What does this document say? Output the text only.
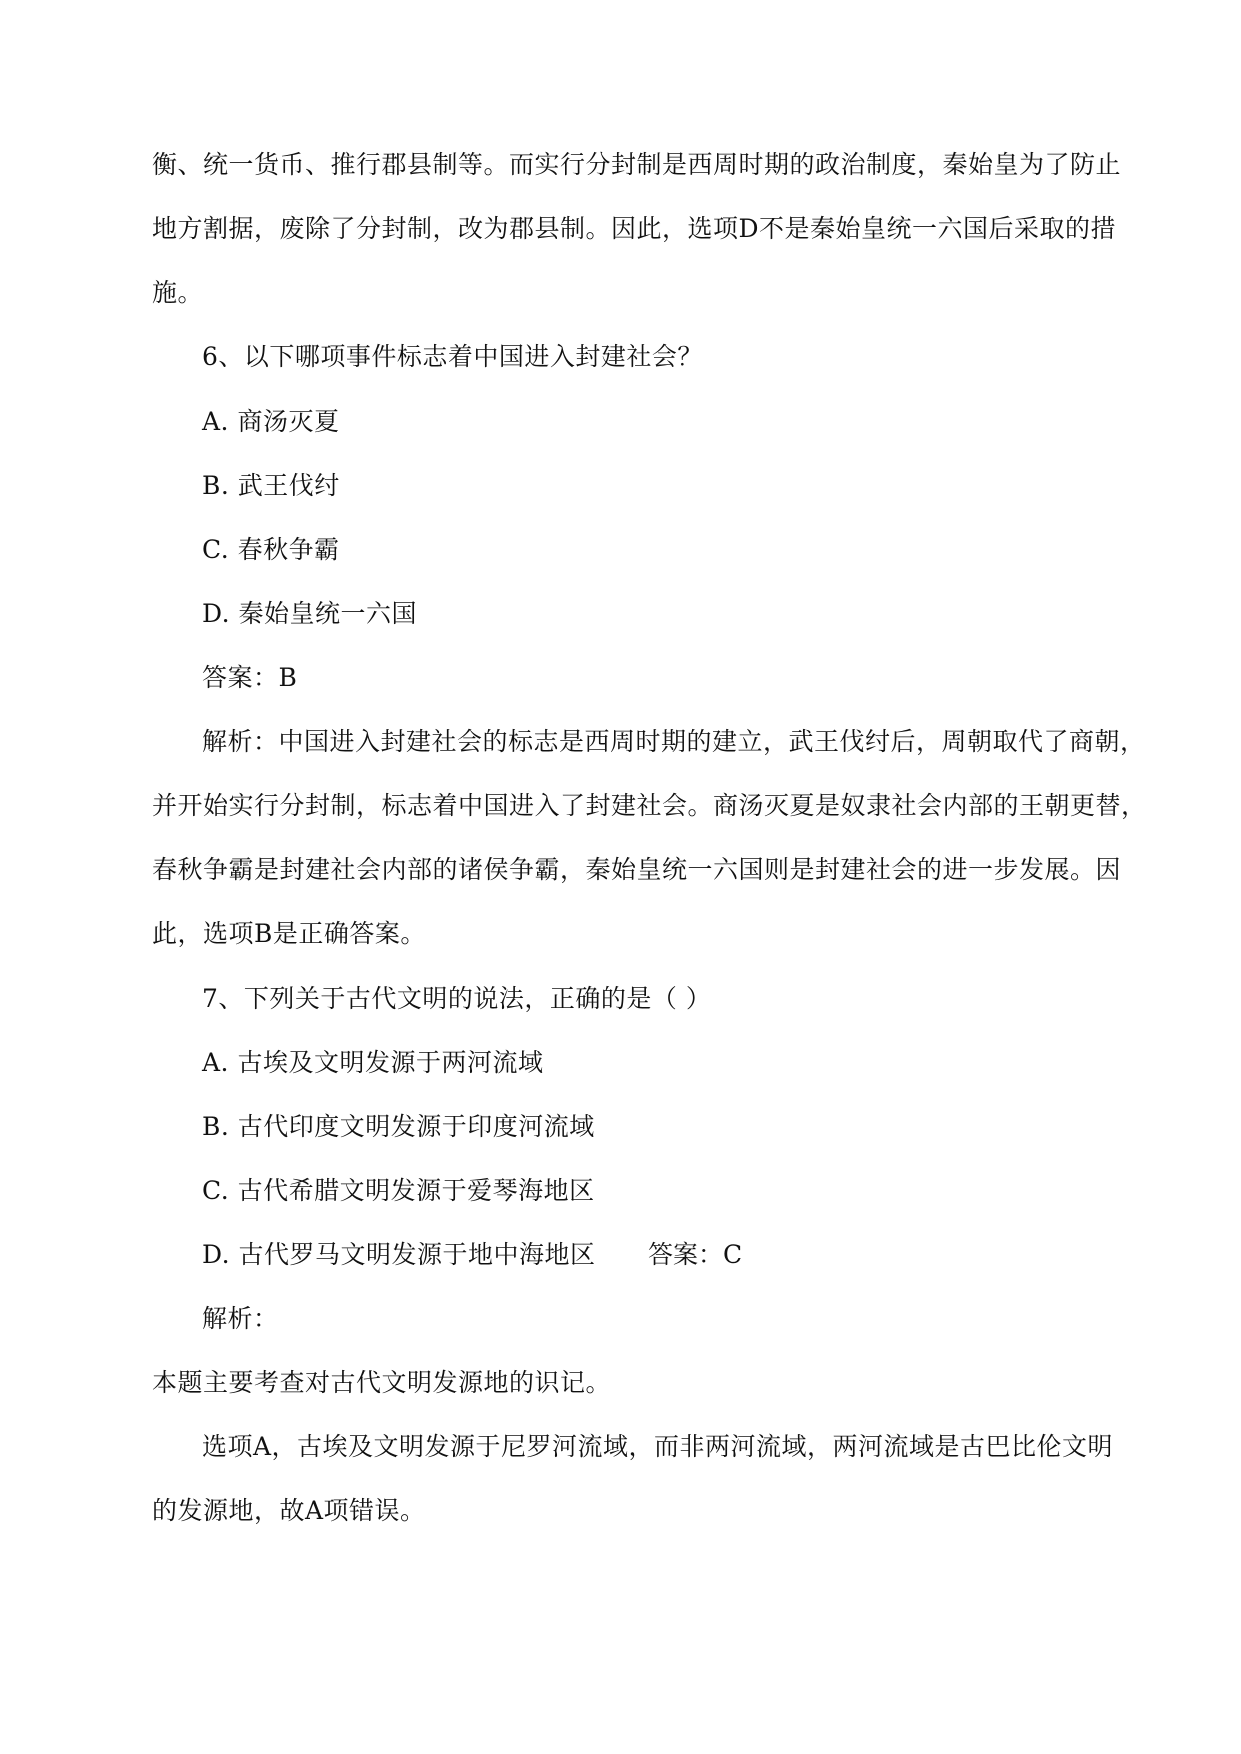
衡、统一货币、推行郡县制等。而实行分封制是西周时期的政治制度，秦始皇为了防止
地方割据，废除了分封制，改为郡县制。因此，选项D不是秦始皇统一六国后采取的措
施。
6、以下哪项事件标志着中国进入封建社会？
A. 商汤灭夏
B. 武王伐纣
C. 春秋争霸
D. 秦始皇统一六国
答案：B
解析：中国进入封建社会的标志是西周时期的建立，武王伐纣后，周朝取代了商朝，
并开始实行分封制，标志着中国进入了封建社会。商汤灭夏是奴隶社会内部的王朝更替，
春秋争霸是封建社会内部的诸侯争霸，秦始皇统一六国则是封建社会的进一步发展。因
此，选项B是正确答案。
7、下列关于古代文明的说法，正确的是（ ）
A. 古埃及文明发源于两河流域
B. 古代印度文明发源于印度河流域
C. 古代希腊文明发源于爱琴海地区
D. 古代罗马文明发源于地中海地区 答案：C
解析：
本题主要考查对古代文明发源地的识记。
选项A，古埃及文明发源于尼罗河流域，而非两河流域，两河流域是古巴比伦文明
的发源地，故A项错误。
